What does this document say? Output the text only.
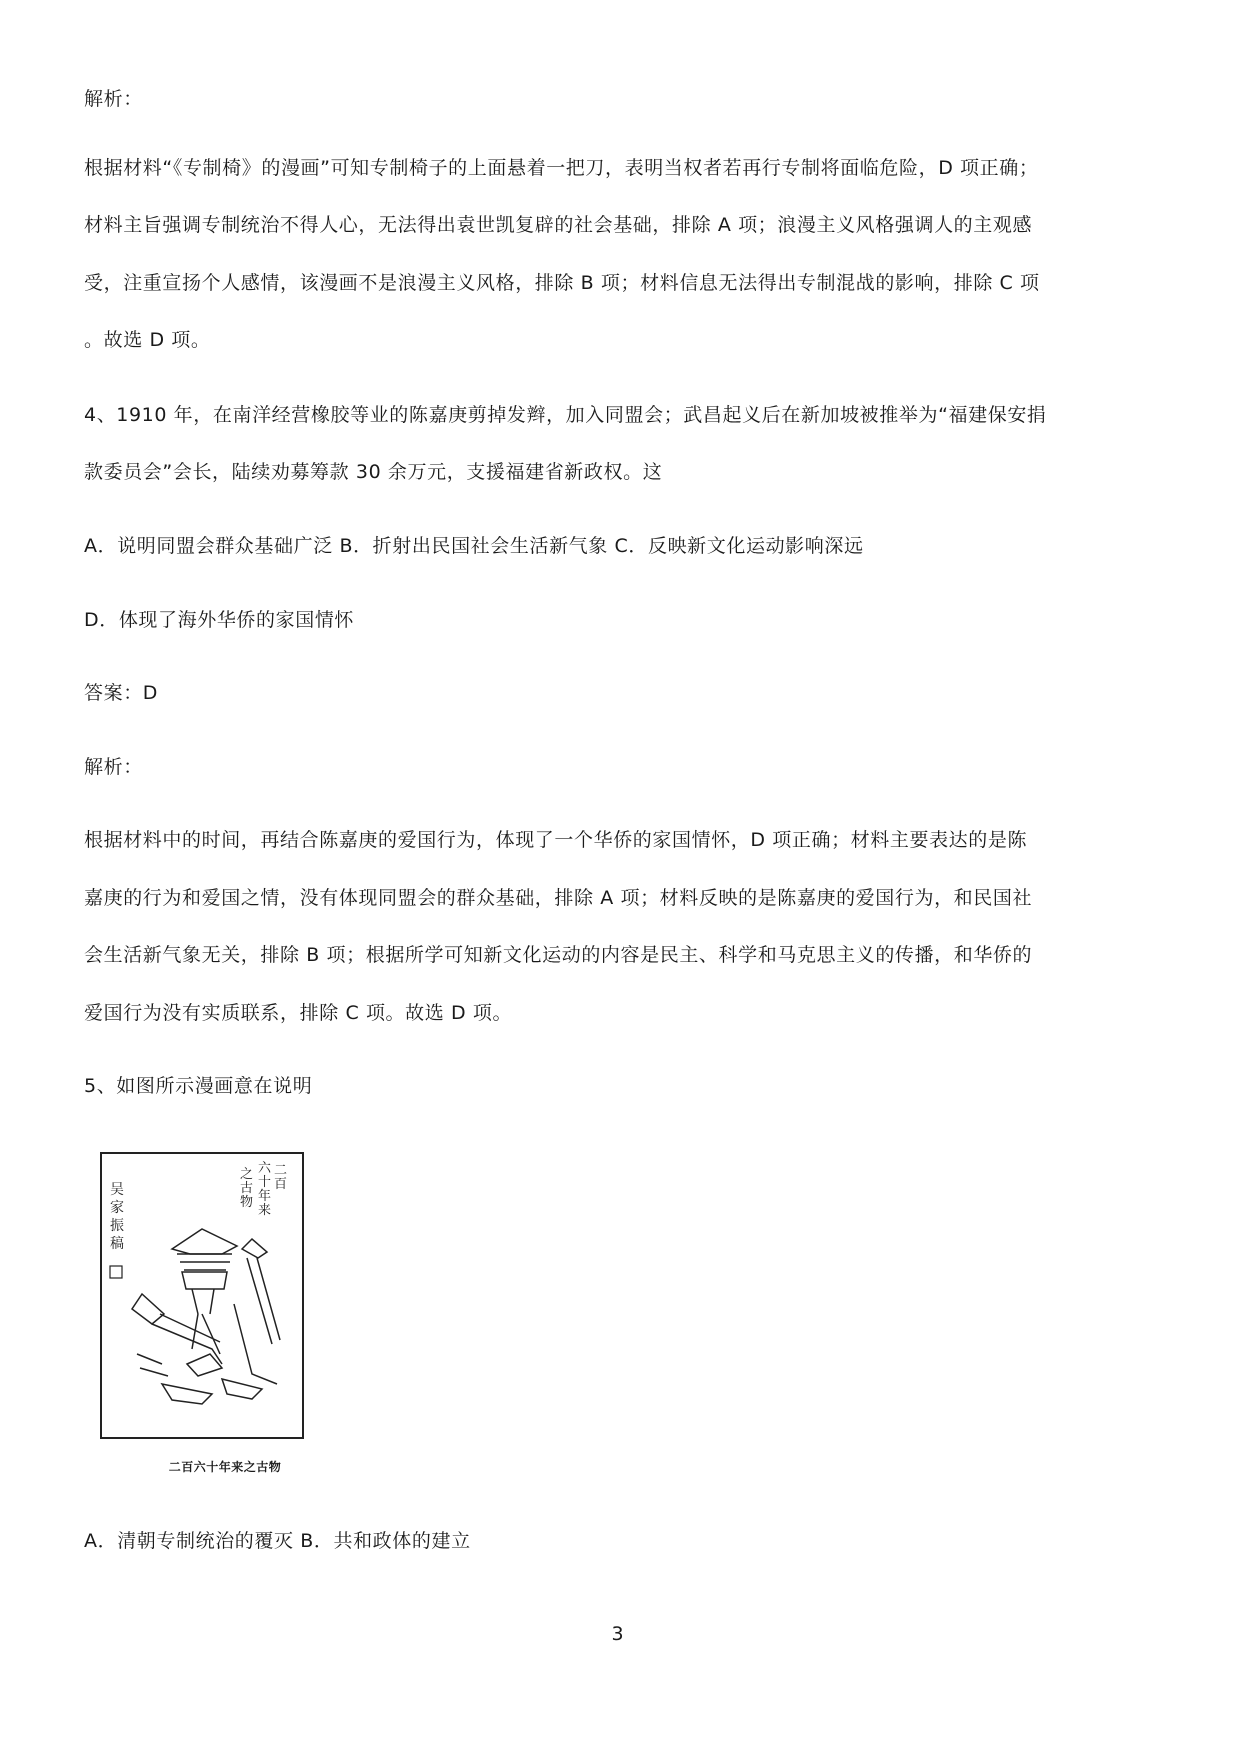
解析：
根据材料“《专制椅》的漫画”可知专制椅子的上面悬着一把刀，表明当权者若再行专制将面临危险，D 项正确；
材料主旨强调专制统治不得人心，无法得出袁世凯复辟的社会基础，排除 A 项；浪漫主义风格强调人的主观感
受，注重宣扬个人感情，该漫画不是浪漫主义风格，排除 B 项；材料信息无法得出专制混战的影响，排除 C 项
。故选 D 项。
4、1910 年，在南洋经营橡胶等业的陈嘉庚剪掉发辫，加入同盟会；武昌起义后在新加坡被推举为“福建保安捐
款委员会”会长，陆续劝募筹款 30 余万元，支援福建省新政权。这
A．说明同盟会群众基础广泛 B．折射出民国社会生活新气象 C．反映新文化运动影响深远
D．体现了海外华侨的家国情怀
答案：D
解析：
根据材料中的时间，再结合陈嘉庚的爱国行为，体现了一个华侨的家国情怀，D 项正确；材料主要表达的是陈
嘉庚的行为和爱国之情，没有体现同盟会的群众基础，排除 A 项；材料反映的是陈嘉庚的爱国行为，和民国社
会生活新气象无关，排除 B 项；根据所学可知新文化运动的内容是民主、科学和马克思主义的传播，和华侨的
爱国行为没有实质联系，排除 C 项。故选 D 项。
5、如图所示漫画意在说明
二百
六十年来
之古物
吴家振稿
二百六十年来之古物
A．清朝专制统治的覆灭 B．共和政体的建立
3
